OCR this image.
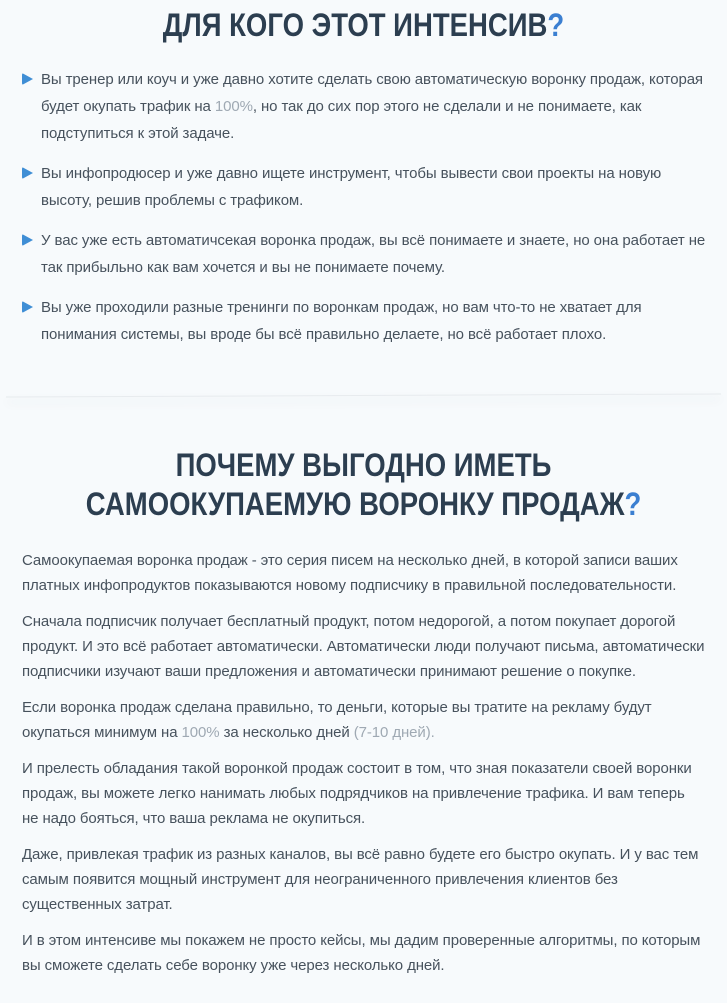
ДЛЯ КОГО ЭТОТ ИНТЕНСИВ?
Вы тренер или коуч и уже давно хотите сделать свою автоматическую воронку продаж, которая будет окупать трафик на 100%, но так до сих пор этого не сделали и не понимаете, как подступиться к этой задаче.
Вы инфопродюсер и уже давно ищете инструмент, чтобы вывести свои проекты на новую высоту, решив проблемы с трафиком.
У вас уже есть автоматичсекая воронка продаж, вы всё понимаете и знаете, но она работает не так прибыльно как вам хочется и вы не понимаете почему.
Вы уже проходили разные тренинги по воронкам продаж, но вам что-то не хватает для понимания системы, вы вроде бы всё правильно делаете, но всё работает плохо.
ПОЧЕМУ ВЫГОДНО ИМЕТЬ
САМООКУПАЕМУЮ ВОРОНКУ ПРОДАЖ?

Самоокупаемая воронка продаж - это серия писем на несколько дней, в которой записи ваших платных инфопродуктов показываются новому подписчику в правильной последовательности.

Сначала подписчик получает бесплатный продукт, потом недорогой, а потом покупает дорогой продукт. И это всё работает автоматически. Автоматически люди получают письма, автоматически подписчики изучают ваши предложения и автоматически принимают решение о покупке.

Если воронка продаж сделана правильно, то деньги, которые вы тратите на рекламу будут окупаться минимум на 100% за несколько дней (7-10 дней).

И прелесть обладания такой воронкой продаж состоит в том, что зная показатели своей воронки продаж, вы можете легко нанимать любых подрядчиков на привлечение трафика. И вам теперь не надо бояться, что ваша реклама не окупиться.

Даже, привлекая трафик из разных каналов, вы всё равно будете его быстро окупать. И у вас тем самым появится мощный инструмент для неограниченного привлечения клиентов без существенных затрат.

И в этом интенсиве мы покажем не просто кейсы, мы дадим проверенные алгоритмы, по которым вы сможете сделать себе воронку уже через несколько дней.
